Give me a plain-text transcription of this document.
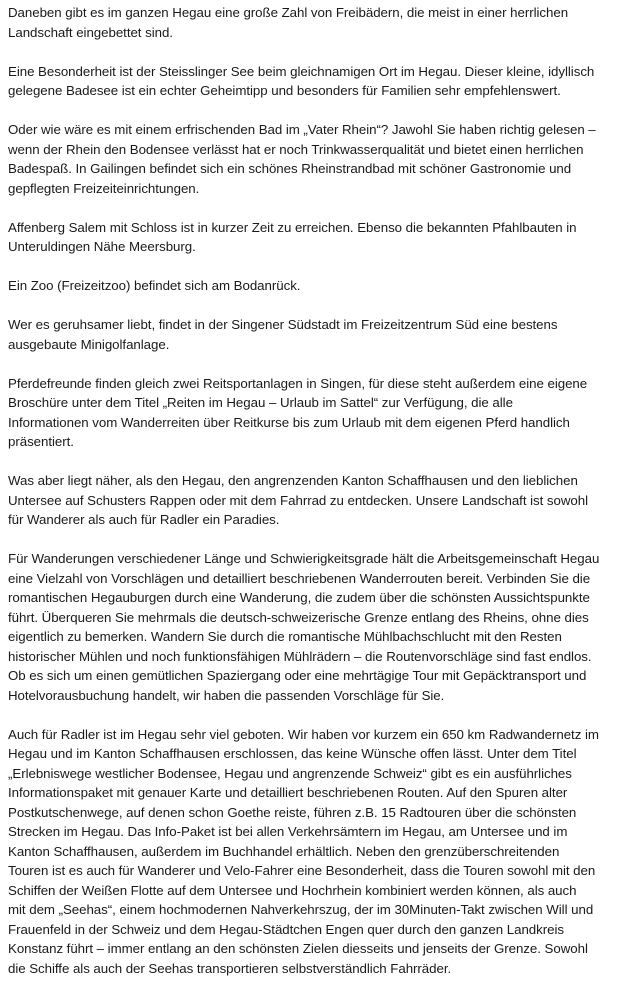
Daneben gibt es im ganzen Hegau eine große Zahl von Freibädern, die meist in einer herrlichen
Landschaft eingebettet sind.

Eine Besonderheit ist der Steisslinger See beim gleichnamigen Ort im Hegau. Dieser kleine, idyllisch
gelegene Badesee ist ein echter Geheimtipp und besonders für Familien sehr empfehlenswert.

Oder wie wäre es mit einem erfrischenden Bad im „Vater Rhein“? Jawohl Sie haben richtig gelesen –
wenn der Rhein den Bodensee verlässt hat er noch Trinkwasserqualität und bietet einen herrlichen
Badespaß. In Gailingen befindet sich ein schönes Rheinstrandbad mit schöner Gastronomie und
gepflegten Freizeiteinrichtungen.

Affenberg Salem mit Schloss ist in kurzer Zeit zu erreichen. Ebenso die bekannten Pfahlbauten in
Unteruldingen Nähe Meersburg.

Ein Zoo (Freizeitzoo) befindet sich am Bodanrück.

Wer es geruhsamer liebt, findet in der Singener Südstadt im Freizeitzentrum Süd eine bestens
ausgebaute Minigolfanlage.

Pferdefreunde finden gleich zwei Reitsportanlagen in Singen, für diese steht außerdem eine eigene
Broschüre unter dem Titel „Reiten im Hegau – Urlaub im Sattel“ zur Verfügung, die alle
Informationen vom Wanderreiten über Reitkurse bis zum Urlaub mit dem eigenen Pferd handlich
präsentiert.

Was aber liegt näher, als den Hegau, den angrenzenden Kanton Schaffhausen und den lieblichen
Untersee auf Schusters Rappen oder mit dem Fahrrad zu entdecken. Unsere Landschaft ist sowohl
für Wanderer als auch für Radler ein Paradies.

Für Wanderungen verschiedener Länge und Schwierigkeitsgrade hält die Arbeitsgemeinschaft Hegau
eine Vielzahl von Vorschlägen und detailliert beschriebenen Wanderrouten bereit. Verbinden Sie die
romantischen Hegauburgen durch eine Wanderung, die zudem über die schönsten Aussichtspunkte
führt. Überqueren Sie mehrmals die deutsch-schweizerische Grenze entlang des Rheins, ohne dies
eigentlich zu bemerken. Wandern Sie durch die romantische Mühlbachschlucht mit den Resten
historischer Mühlen und noch funktionsfähigen Mühlrädern – die Routenvorschläge sind fast endlos.
Ob es sich um einen gemütlichen Spaziergang oder eine mehrtägige Tour mit Gepäcktransport und
Hotelvorausbuchung handelt, wir haben die passenden Vorschläge für Sie.

Auch für Radler ist im Hegau sehr viel geboten. Wir haben vor kurzem ein 650 km Radwandernetz im
Hegau und im Kanton Schaffhausen erschlossen, das keine Wünsche offen lässt. Unter dem Titel
„Erlebniswege westlicher Bodensee, Hegau und angrenzende Schweiz“ gibt es ein ausführliches
Informationspaket mit genauer Karte und detailliert beschriebenen Routen. Auf den Spuren alter
Postkutschenwege, auf denen schon Goethe reiste, führen z.B. 15 Radtouren über die schönsten
Strecken im Hegau. Das Info-Paket ist bei allen Verkehrsämtern im Hegau, am Untersee und im
Kanton Schaffhausen, außerdem im Buchhandel erhältlich. Neben den grenzüberschreitenden
Touren ist es auch für Wanderer und Velo-Fahrer eine Besonderheit, dass die Touren sowohl mit den
Schiffen der Weißen Flotte auf dem Untersee und Hochrhein kombiniert werden können, als auch
mit dem „Seehas“, einem hochmodernen Nahverkehrszug, der im 30Minuten-Takt zwischen Will und
Frauenfeld in der Schweiz und dem Hegau-Städtchen Engen quer durch den ganzen Landkreis
Konstanz führt – immer entlang an den schönsten Zielen diesseits und jenseits der Grenze. Sowohl
die Schiffe als auch der Seehas transportieren selbstverständlich Fahrräder.
